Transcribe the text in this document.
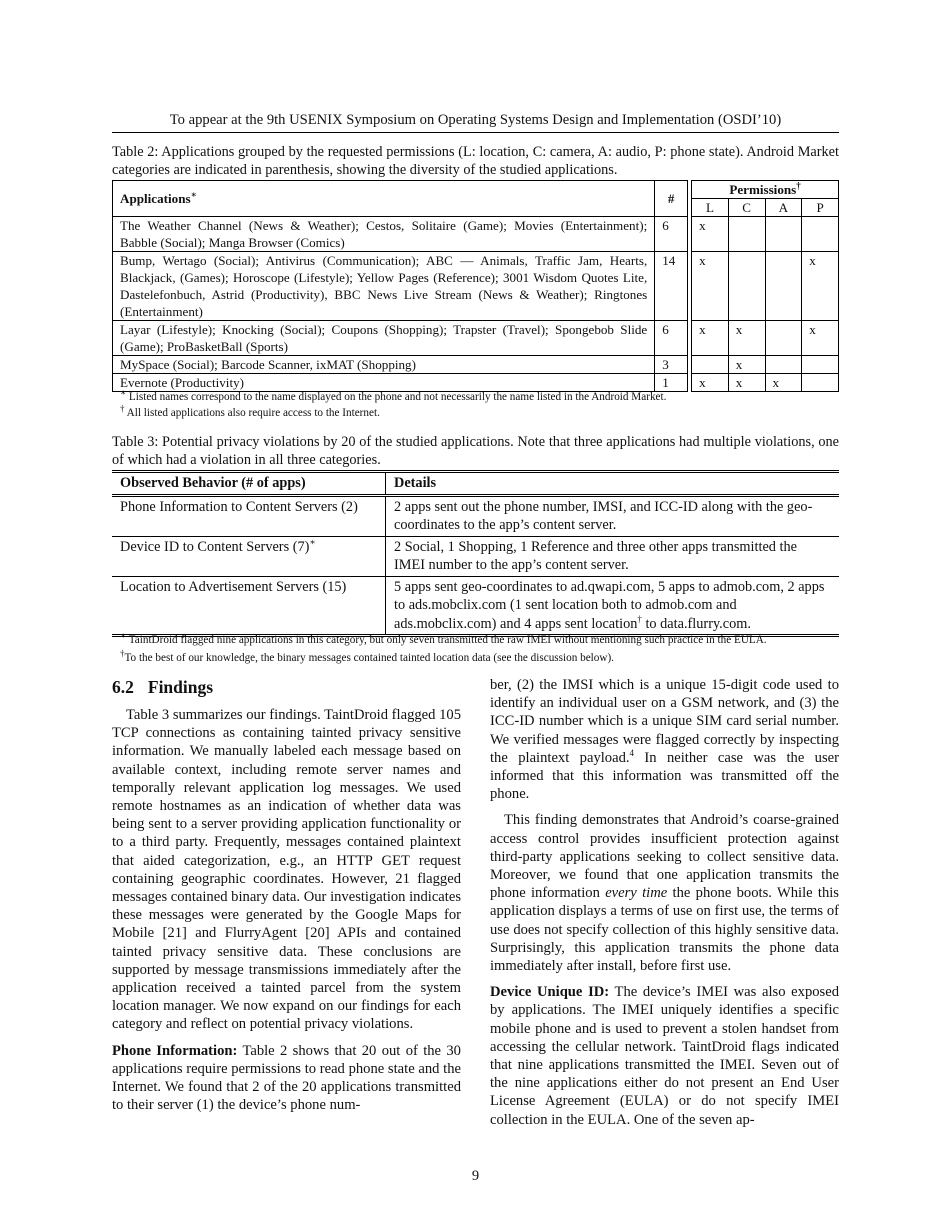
To appear at the 9th USENIX Symposium on Operating Systems Design and Implementation (OSDI’10)
Table 2: Applications grouped by the requested permissions (L: location, C: camera, A: audio, P: phone state). Android Market categories are indicated in parenthesis, showing the diversity of the studied applications.
Applications∗	#		Permissions†
			L	C	A	P
The Weather Channel (News & Weather); Cestos, Solitaire (Game); Movies (Entertainment); Babble (Social); Manga Browser (Comics)	6		x			
Bump, Wertago (Social); Antivirus (Communication); ABC — Animals, Traffic Jam, Hearts, Blackjack, (Games); Horoscope (Lifestyle); Yellow Pages (Reference); 3001 Wisdom Quotes Lite, Dastelefonbuch, Astrid (Productivity), BBC News Live Stream (News & Weather); Ringtones (Entertainment)	14		x			x
Layar (Lifestyle); Knocking (Social); Coupons (Shopping); Trapster (Travel); Spongebob Slide (Game); ProBasketBall (Sports)	6		x	x		x
MySpace (Social); Barcode Scanner, ixMAT (Shopping)	3			x		
Evernote (Productivity)	1		x	x	x	
∗ Listed names correspond to the name displayed on the phone and not necessarily the name listed in the Android Market.
† All listed applications also require access to the Internet.
Table 3: Potential privacy violations by 20 of the studied applications. Note that three applications had multiple violations, one of which had a violation in all three categories.
Observed Behavior (# of apps)	Details
Phone Information to Content Servers (2)	2 apps sent out the phone number, IMSI, and ICC-ID along with the geo-coordinates to the app’s content server.
Device ID to Content Servers (7)∗	2 Social, 1 Shopping, 1 Reference and three other apps transmitted the IMEI number to the app’s content server.
Location to Advertisement Servers (15)	5 apps sent geo-coordinates to ad.qwapi.com, 5 apps to admob.com, 2 apps to ads.mobclix.com (1 sent location both to admob.com and ads.mobclix.com) and 4 apps sent location† to data.flurry.com.
∗ TaintDroid flagged nine applications in this category, but only seven transmitted the raw IMEI without mentioning such practice in the EULA.
†To the best of our knowledge, the binary messages contained tainted location data (see the discussion below).
6.2 Findings

Table 3 summarizes our findings. TaintDroid flagged 105 TCP connections as containing tainted privacy sensitive information. We manually labeled each message based on available context, including remote server names and temporally relevant application log messages. We used remote hostnames as an indication of whether data was being sent to a server providing application functionality or to a third party. Frequently, messages contained plaintext that aided categorization, e.g., an HTTP GET request containing geographic coordinates. However, 21 flagged messages contained binary data. Our investigation indicates these messages were generated by the Google Maps for Mobile [21] and FlurryAgent [20] APIs and contained tainted privacy sensitive data. These conclusions are supported by message transmissions immediately after the application received a tainted parcel from the system location manager. We now expand on our findings for each category and reflect on potential privacy violations.

Phone Information: Table 2 shows that 20 out of the 30 applications require permissions to read phone state and the Internet. We found that 2 of the 20 applications transmitted to their server (1) the device’s phone num-

ber, (2) the IMSI which is a unique 15-digit code used to identify an individual user on a GSM network, and (3) the ICC-ID number which is a unique SIM card serial number. We verified messages were flagged correctly by inspecting the plaintext payload.$^4$ In neither case was the user informed that this information was transmitted off the phone.

This finding demonstrates that Android’s coarse-grained access control provides insufficient protection against third-party applications seeking to collect sensitive data. Moreover, we found that one application transmits the phone information every time the phone boots. While this application displays a terms of use on first use, the terms of use does not specify collection of this highly sensitive data. Surprisingly, this application transmits the phone data immediately after install, before first use.

Device Unique ID: The device’s IMEI was also exposed by applications. The IMEI uniquely identifies a specific mobile phone and is used to prevent a stolen handset from accessing the cellular network. TaintDroid flags indicated that nine applications transmitted the IMEI. Seven out of the nine applications either do not present an End User License Agreement (EULA) or do not specify IMEI collection in the EULA. One of the seven ap-

9
